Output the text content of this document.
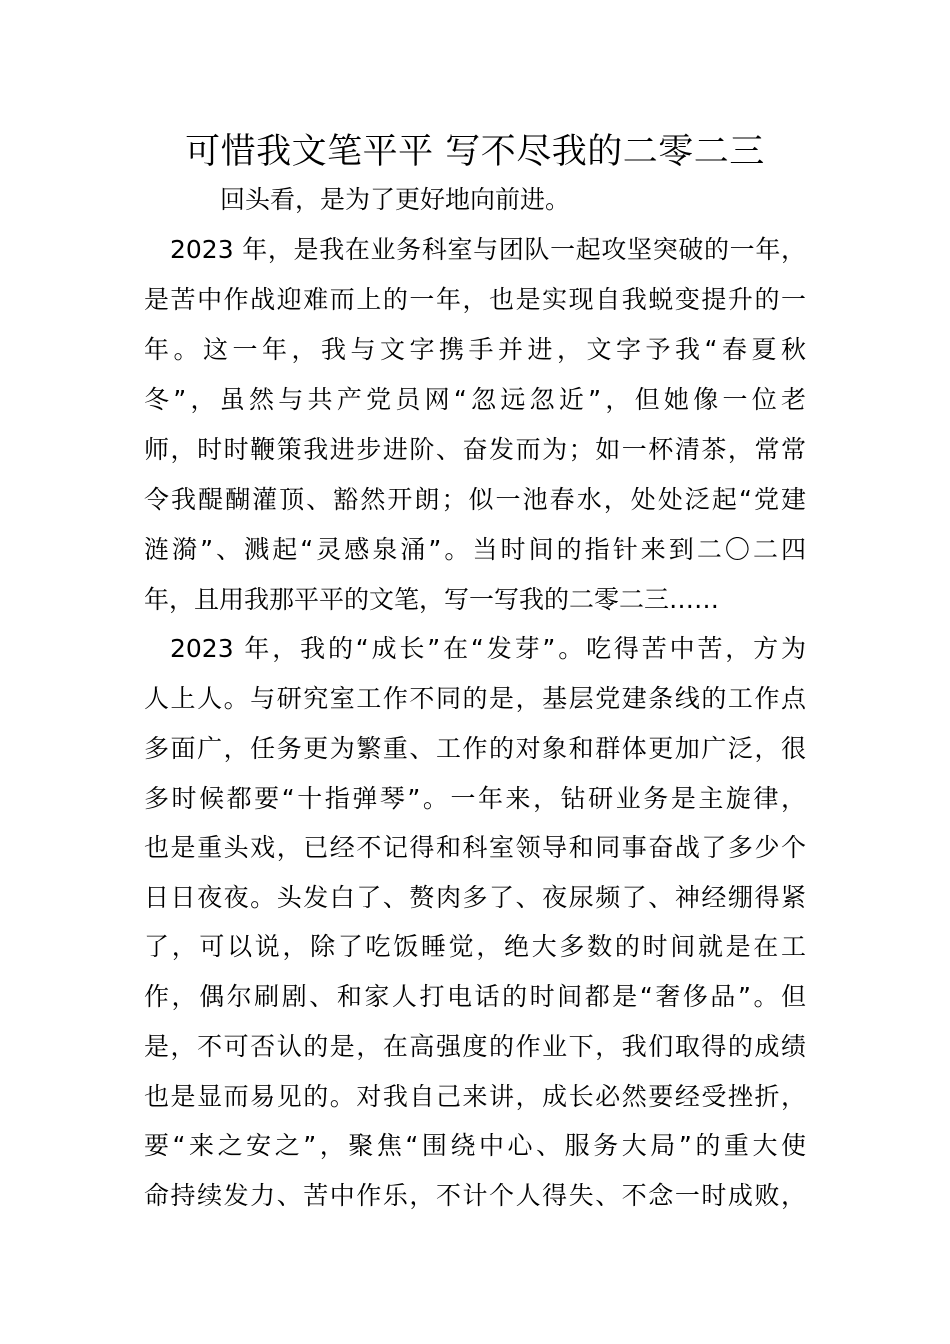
可惜我文笔平平 写不尽我的二零二三
回头看，是为了更好地向前进。
2023 年，是我在业务科室与团队一起攻坚突破的一年，
是苦中作战迎难而上的一年，也是实现自我蜕变提升的一
年。这一年，我与文字携手并进，文字予我“春夏秋
冬”，虽然与共产党员网“忽远忽近”，但她像一位老
师，时时鞭策我进步进阶、奋发而为；如一杯清茶，常常
令我醍醐灌顶、豁然开朗；似一池春水，处处泛起“党建
涟漪”、溅起“灵感泉涌”。当时间的指针来到二〇二四
年，且用我那平平的文笔，写一写我的二零二三……
2023 年，我的“成长”在“发芽”。吃得苦中苦，方为
人上人。与研究室工作不同的是，基层党建条线的工作点
多面广，任务更为繁重、工作的对象和群体更加广泛，很
多时候都要“十指弹琴”。一年来，钻研业务是主旋律，
也是重头戏，已经不记得和科室领导和同事奋战了多少个
日日夜夜。头发白了、赘肉多了、夜尿频了、神经绷得紧
了，可以说，除了吃饭睡觉，绝大多数的时间就是在工
作，偶尔刷剧、和家人打电话的时间都是“奢侈品”。但
是，不可否认的是，在高强度的作业下，我们取得的成绩
也是显而易见的。对我自己来讲，成长必然要经受挫折，
要“来之安之”，聚焦“围绕中心、服务大局”的重大使
命持续发力、苦中作乐，不计个人得失、不念一时成败，
